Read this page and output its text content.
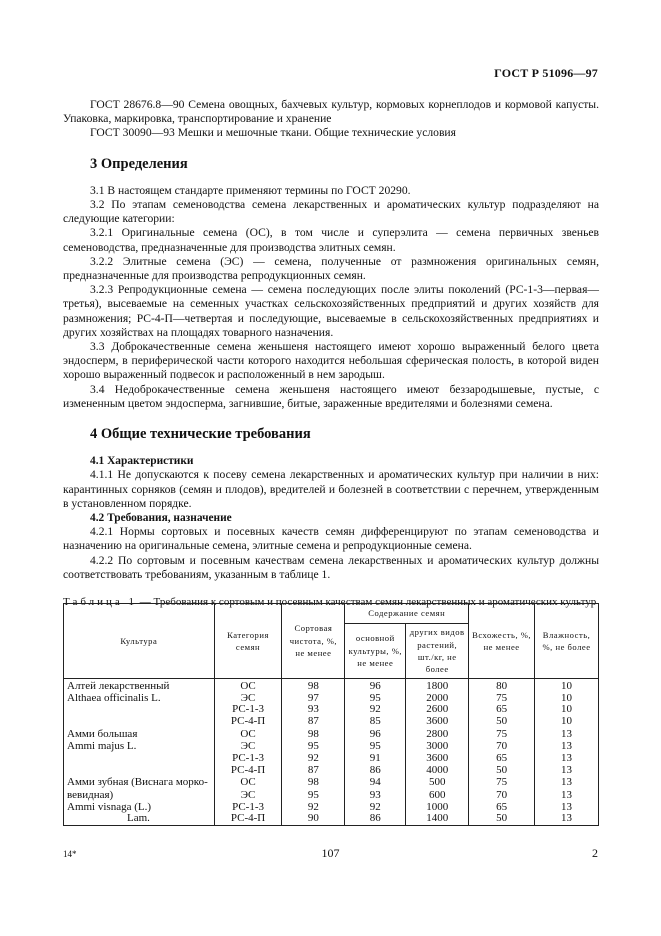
ГОСТ Р 51096—97

ГОСТ 28676.8—90 Семена овощных, бахчевых культур, кормовых корнеплодов и кормовой капусты. Упаковка, маркировка, транспортирование и хранение

ГОСТ 30090—93 Мешки и мешочные ткани. Общие технические условия

3 Определения

3.1 В настоящем стандарте применяют термины по ГОСТ 20290.

3.2 По этапам семеноводства семена лекарственных и ароматических культур подразделяют на следующие категории:

3.2.1 Оригинальные семена (ОС), в том числе и суперэлита — семена первичных звеньев семеноводства, предназначенные для производства элитных семян.

3.2.2 Элитные семена (ЭС) — семена, полученные от размножения оригинальных семян, предназначенные для производства репродукционных семян.

3.2.3 Репродукционные семена — семена последующих после элиты поколений (РС-1-3—первая—третья), высеваемые на семенных участках сельскохозяйственных предприятий и других хозяйств для размножения; РС-4-П—четвертая и последующие, высеваемые в сельскохозяйственных предприятиях и других хозяйствах на площадях товарного назначения.

3.3 Доброкачественные семена женьшеня настоящего имеют хорошо выраженный белого цвета эндосперм, в периферической части которого находится небольшая сферическая полость, в которой виден хорошо выраженный подвесок и расположенный в нем зародыш.

3.4 Недоброкачественные семена женьшеня настоящего имеют беззародышевые, пустые, с измененным цветом эндосперма, загнившие, битые, зараженные вредителями и болезнями семена.

4 Общие технические требования
4.1 Характеристики

4.1.1 Не допускаются к посеву семена лекарственных и ароматических культур при наличии в них: карантинных сорняков (семян и плодов), вредителей и болезней в соответствии с перечнем, утвержденным в установленном порядке.

4.2 Требования, назначение

4.2.1 Нормы сортовых и посевных качеств семян дифференцируют по этапам семеноводства и назначению на оригинальные семена, элитные семена и репродукционные семена.

4.2.2 По сортовым и посевным качествам семена лекарственных и ароматических культур должны соответствовать требованиям, указанным в таблице 1.

Таблица 1 — Требования к сортовым и посевным качествам семян лекарственных и ароматических культур
Культура	Категория семян	Сортовая чистота, %, не менее	Содержание семян		Всхожесть, %, не менее	Влажность, %, не более
			основной культуры, %, не менее	других видов растений, шт./кг, не более		
Алтей лекарственный	ОС	98	96	1800	80	10
Althaea officinalis L.	ЭС	97	95	2000	75	10
	РС-1-3	93	92	2600	65	10
	РС-4-П	87	85	3600	50	10
Амми большая	ОС	98	96	2800	75	13
Ammi majus L.	ЭС	95	95	3000	70	13
	РС-1-3	92	91	3600	65	13
	РС-4-П	87	86	4000	50	13
Амми зубная (Виснага морко-	ОС	98	94	500	75	13
вевидная)	ЭС	95	93	600	70	13
Ammi visnaga (L.)	РС-1-3	92	92	1000	65	13
Lam.	РС-4-П	90	86	1400	50	13
14*	107	2
